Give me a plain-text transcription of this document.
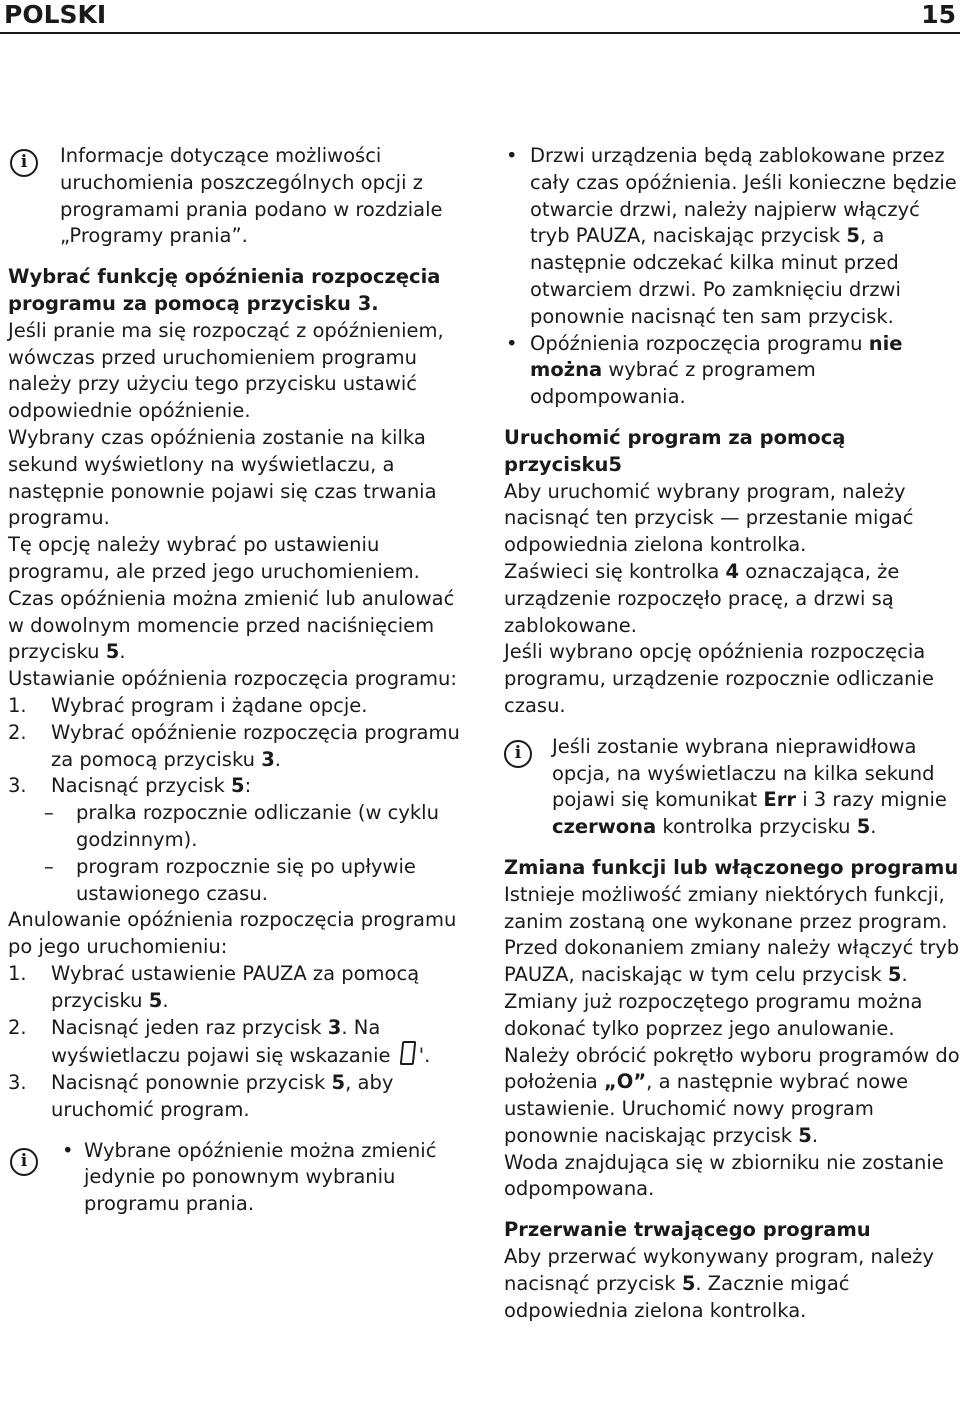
POLSKI	15
i	Informacje dotyczące możliwości uruchomienia poszczególnych opcji z programami prania podano w rozdziale „Programy prania”.

Wybrać funkcję opóźnienia rozpoczęcia programu za pomocą przycisku 3.

Jeśli pranie ma się rozpocząć z opóźnieniem, wówczas przed uruchomieniem programu należy przy użyciu tego przycisku ustawić odpowiednie opóźnienie.

Wybrany czas opóźnienia zostanie na kilka sekund wyświetlony na wyświetlaczu, a następnie ponownie pojawi się czas trwania programu.

Tę opcję należy wybrać po ustawieniu programu, ale przed jego uruchomieniem.

Czas opóźnienia można zmienić lub anulować w dowolnym momencie przed naciśnięciem przycisku 5.

Ustawianie opóźnienia rozpoczęcia programu:

1.	Wybrać program i żądane opcje.
2.	Wybrać opóźnienie rozpoczęcia programu za pomocą przycisku 3.
3.	Nacisnąć przycisk 5:
–	pralka rozpocznie odliczanie (w cyklu godzinnym).
–	program rozpocznie się po upływie ustawionego czasu.

Anulowanie opóźnienia rozpoczęcia programu po jego uruchomieniu:

1.	Wybrać ustawienie PAUZA za pomocą przycisku 5.
2.	Nacisnąć jeden raz przycisk 3. Na wyświetlaczu pojawi się wskazanie '.
3.	Nacisnąć ponownie przycisk 5, aby uruchomić program.
i	• Wybrane opóźnienie można zmienić jedynie po ponownym wybraniu programu prania.
• Drzwi urządzenia będą zablokowane przez cały czas opóźnienia. Jeśli konieczne będzie otwarcie drzwi, należy najpierw włączyć tryb PAUZA, naciskając przycisk 5, a następnie odczekać kilka minut przed otwarciem drzwi. Po zamknięciu drzwi ponownie nacisnąć ten sam przycisk.
• Opóźnienia rozpoczęcia programu nie można wybrać z programem odpompowania.

Uruchomić program za pomocą przycisku5

Aby uruchomić wybrany program, należy nacisnąć ten przycisk — przestanie migać odpowiednia zielona kontrolka.

Zaświeci się kontrolka 4 oznaczająca, że urządzenie rozpoczęło pracę, a drzwi są zablokowane.

Jeśli wybrano opcję opóźnienia rozpoczęcia programu, urządzenie rozpocznie odliczanie czasu.

i	Jeśli zostanie wybrana nieprawidłowa opcja, na wyświetlaczu na kilka sekund pojawi się komunikat Err i 3 razy mignie czerwona kontrolka przycisku 5.

Zmiana funkcji lub włączonego programu

Istnieje możliwość zmiany niektórych funkcji, zanim zostaną one wykonane przez program.

Przed dokonaniem zmiany należy włączyć tryb PAUZA, naciskając w tym celu przycisk 5.

Zmiany już rozpoczętego programu można dokonać tylko poprzez jego anulowanie. Należy obrócić pokrętło wyboru programów do położenia „O”, a następnie wybrać nowe ustawienie. Uruchomić nowy program ponownie naciskając przycisk 5.

Woda znajdująca się w zbiorniku nie zostanie odpompowana.

Przerwanie trwającego programu

Aby przerwać wykonywany program, należy nacisnąć przycisk 5. Zacznie migać odpowiednia zielona kontrolka.
